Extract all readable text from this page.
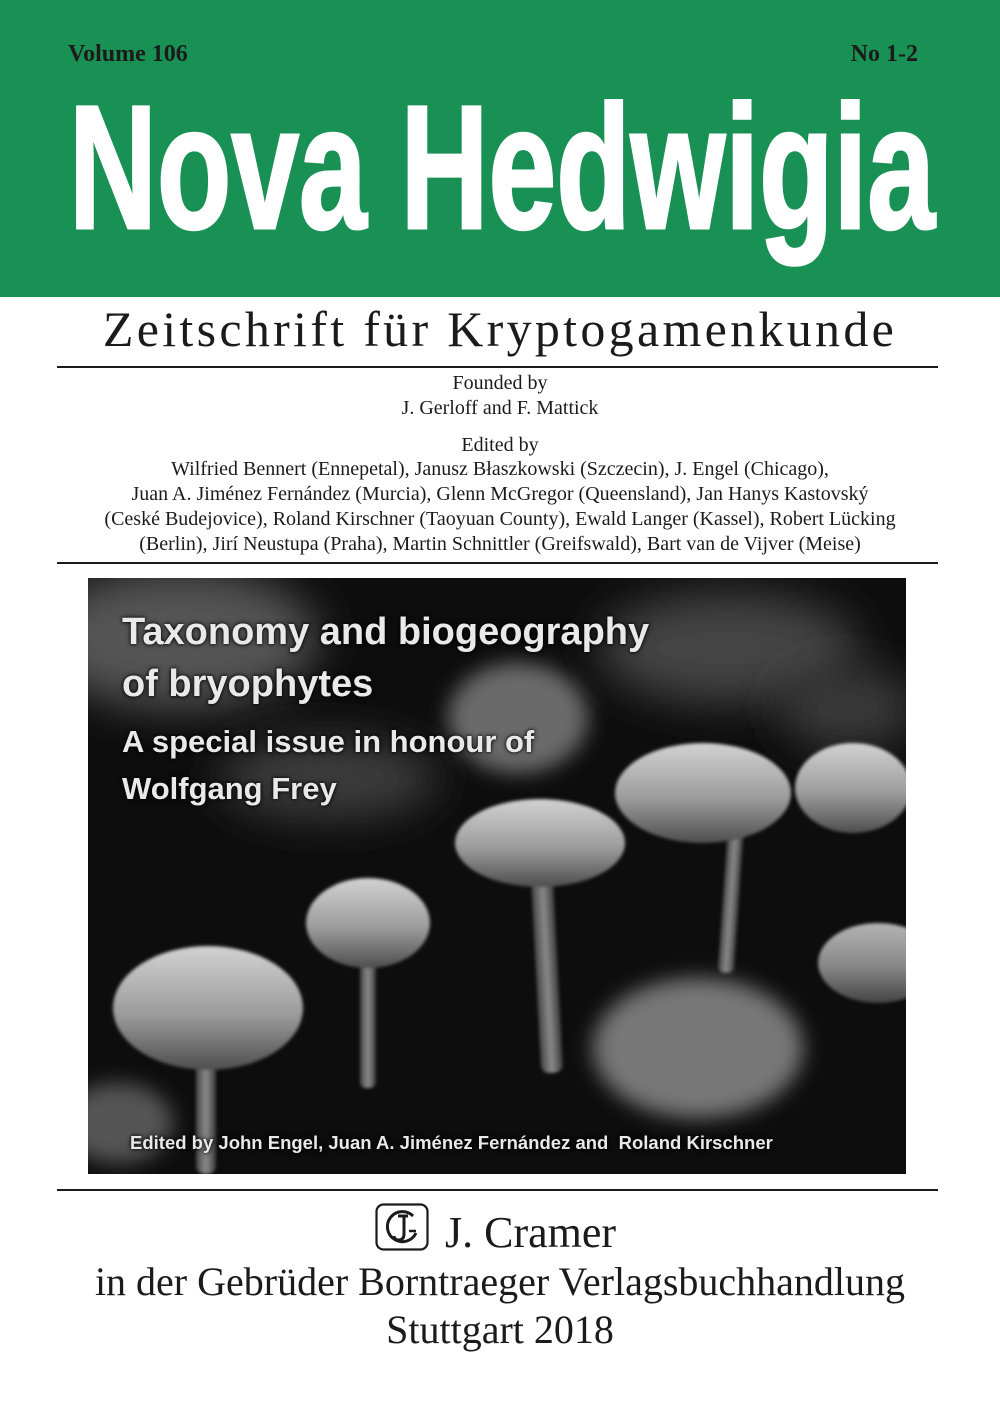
Volume 106	No 1-2
Nova Hedwigia
Zeitschrift für Kryptogamenkunde
Founded by
J. Gerloff and F. Mattick
Edited by
Wilfried Bennert (Ennepetal), Janusz Błaszkowski (Szczecin), J. Engel (Chicago),
Juan A. Jiménez Fernández (Murcia), Glenn McGregor (Queensland), Jan Hanys Kastovský
(Ceské Budejovice), Roland Kirschner (Taoyuan County), Ewald Langer (Kassel), Robert Lücking
(Berlin), Jirí Neustupa (Praha), Martin Schnittler (Greifswald), Bart van de Vijver (Meise)
Taxonomy and biogeography
of bryophytes
A special issue in honour of
Wolfgang Frey
Edited by John Engel, Juan A. Jiménez Fernández and  Roland Kirschner
J. Cramer
in der Gebrüder Borntraeger Verlagsbuchhandlung
Stuttgart 2018
